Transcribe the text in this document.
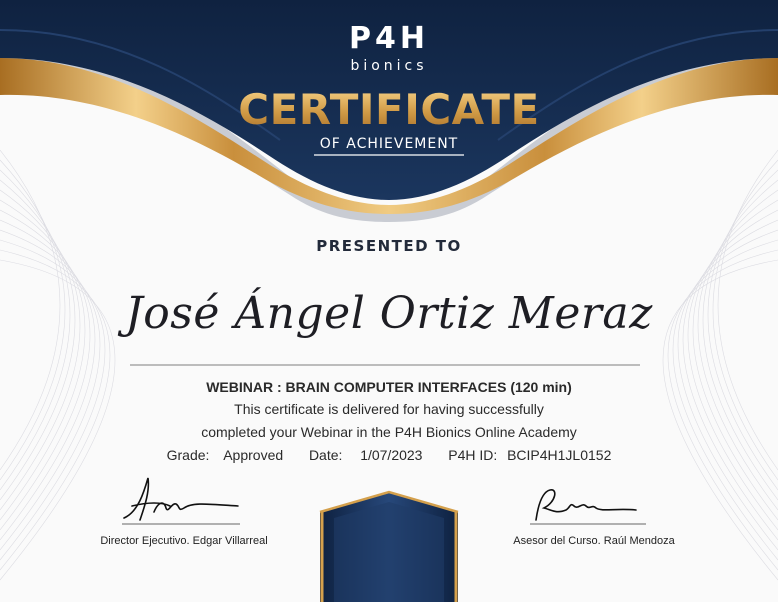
P4H
bionics
CERTIFICATE
OF ACHIEVEMENT
PRESENTED TO
José Ángel Ortiz Meraz
WEBINAR : BRAIN COMPUTER INTERFACES (120 min)
This certificate is delivered for having successfully
completed your Webinar in the P4H Bionics Online Academy
Grade: Approved Date: 1/07/2023 P4H ID: BCIP4H1JL0152
Director Ejecutivo. Edgar Villarreal	Asesor del Curso. Raúl Mendoza
